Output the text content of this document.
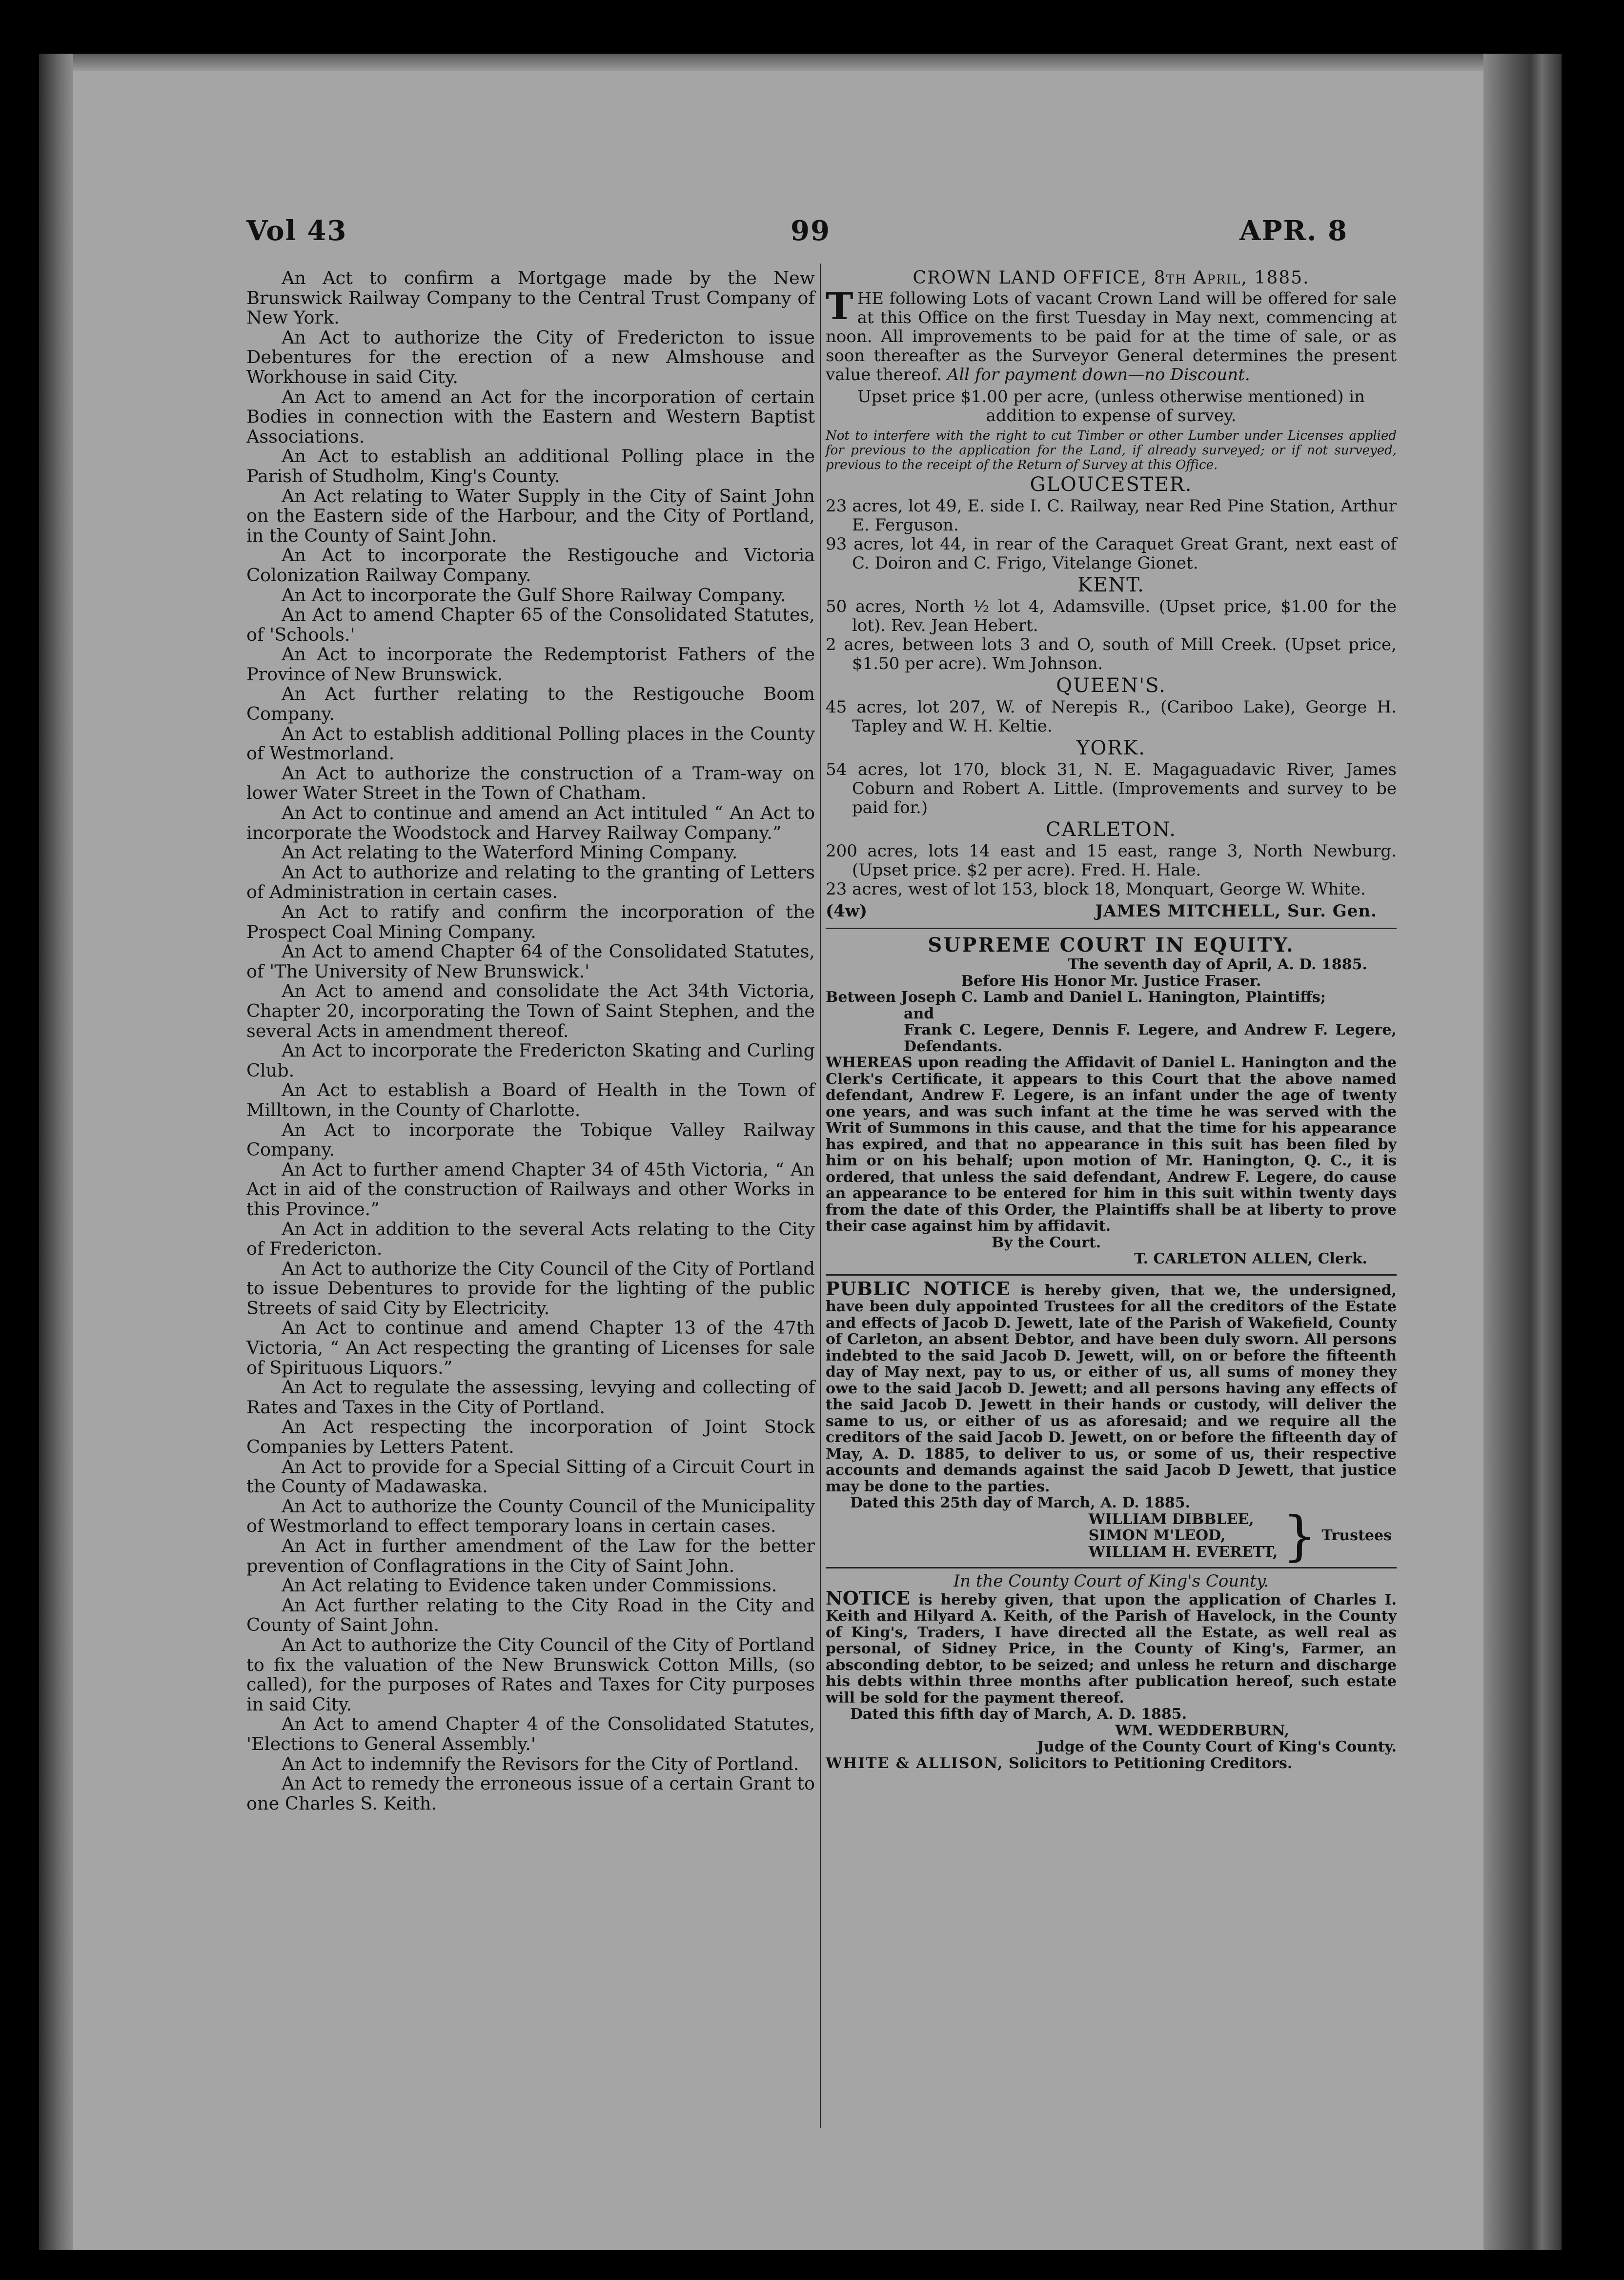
Vol 43	99	APR. 8

An Act to confirm a Mortgage made by the New Brunswick Railway Company to the Central Trust Company of New York.

An Act to authorize the City of Fredericton to issue Debentures for the erection of a new Almshouse and Workhouse in said City.

An Act to amend an Act for the incorporation of certain Bodies in connection with the Eastern and Western Baptist Associations.

An Act to establish an additional Polling place in the Parish of Studholm, King's County.

An Act relating to Water Supply in the City of Saint John on the Eastern side of the Harbour, and the City of Portland, in the County of Saint John.

An Act to incorporate the Restigouche and Victoria Colonization Railway Company.

An Act to incorporate the Gulf Shore Railway Company.

An Act to amend Chapter 65 of the Consolidated Statutes, of 'Schools.'

An Act to incorporate the Redemptorist Fathers of the Province of New Brunswick.

An Act further relating to the Restigouche Boom Company.

An Act to establish additional Polling places in the County of Westmorland.

An Act to authorize the construction of a Tram-way on lower Water Street in the Town of Chatham.

An Act to continue and amend an Act intituled “ An Act to incorporate the Woodstock and Harvey Railway Company.”

An Act relating to the Waterford Mining Company.

An Act to authorize and relating to the granting of Letters of Administration in certain cases.

An Act to ratify and confirm the incorporation of the Prospect Coal Mining Company.

An Act to amend Chapter 64 of the Consolidated Statutes, of 'The University of New Brunswick.'

An Act to amend and consolidate the Act 34th Victoria, Chapter 20, incorporating the Town of Saint Stephen, and the several Acts in amendment thereof.

An Act to incorporate the Fredericton Skating and Curling Club.

An Act to establish a Board of Health in the Town of Milltown, in the County of Charlotte.

An Act to incorporate the Tobique Valley Railway Company.

An Act to further amend Chapter 34 of 45th Victoria, “ An Act in aid of the construction of Railways and other Works in this Province.”

An Act in addition to the several Acts relating to the City of Fredericton.

An Act to authorize the City Council of the City of Portland to issue Debentures to provide for the lighting of the public Streets of said City by Electricity.

An Act to continue and amend Chapter 13 of the 47th Victoria, “ An Act respecting the granting of Licenses for sale of Spirituous Liquors.”

An Act to regulate the assessing, levying and collecting of Rates and Taxes in the City of Portland.

An Act respecting the incorporation of Joint Stock Companies by Letters Patent.

An Act to provide for a Special Sitting of a Circuit Court in the County of Madawaska.

An Act to authorize the County Council of the Municipality of Westmorland to effect temporary loans in certain cases.

An Act in further amendment of the Law for the better prevention of Conflagrations in the City of Saint John.

An Act relating to Evidence taken under Commissions.

An Act further relating to the City Road in the City and County of Saint John.

An Act to authorize the City Council of the City of Portland to fix the valuation of the New Brunswick Cotton Mills, (so called), for the purposes of Rates and Taxes for City purposes in said City.

An Act to amend Chapter 4 of the Consolidated Statutes, 'Elections to General Assembly.'

An Act to indemnify the Revisors for the City of Portland.

An Act to remedy the erroneous issue of a certain Grant to one Charles S. Keith.

CROWN LAND OFFICE, 8th April, 1885.
THE following Lots of vacant Crown Land will be offered for sale at this Office on the first Tuesday in May next, commencing at noon. All improvements to be paid for at the time of sale, or as soon thereafter as the Surveyor General determines the present value thereof. All for payment down—no Discount.
Upset price $1.00 per acre, (unless otherwise mentioned) in addition to expense of survey.
Not to interfere with the right to cut Timber or other Lumber under Licenses applied for previous to the application for the Land, if already surveyed; or if not surveyed, previous to the receipt of the Return of Survey at this Office.
GLOUCESTER.

23 acres, lot 49, E. side I. C. Railway, near Red Pine Station, Arthur E. Ferguson.

93 acres, lot 44, in rear of the Caraquet Great Grant, next east of C. Doiron and C. Frigo, Vitelange Gionet.

KENT.

50 acres, North ½ lot 4, Adamsville. (Upset price, $1.00 for the lot). Rev. Jean Hebert.

2 acres, between lots 3 and O, south of Mill Creek. (Upset price, $1.50 per acre). Wm Johnson.

QUEEN'S.

45 acres, lot 207, W. of Nerepis R., (Cariboo Lake), George H. Tapley and W. H. Keltie.

YORK.

54 acres, lot 170, block 31, N. E. Magaguadavic River, James Coburn and Robert A. Little. (Improvements and survey to be paid for.)

CARLETON.

200 acres, lots 14 east and 15 east, range 3, North Newburg. (Upset price. $2 per acre). Fred. H. Hale.

23 acres, west of lot 153, block 18, Monquart, George W. White.

(4w)	JAMES MITCHELL, Sur. Gen.
SUPREME COURT IN EQUITY.
The seventh day of April, A. D. 1885.
Before His Honor Mr. Justice Fraser.
Between Joseph C. Lamb and Daniel L. Hanington, Plaintiffs;
and
Frank C. Legere, Dennis F. Legere, and Andrew F. Legere, Defendants.
WHEREAS upon reading the Affidavit of Daniel L. Hanington and the Clerk's Certificate, it appears to this Court that the above named defendant, Andrew F. Legere, is an infant under the age of twenty one years, and was such infant at the time he was served with the Writ of Summons in this cause, and that the time for his appearance has expired, and that no appearance in this suit has been filed by him or on his behalf; upon motion of Mr. Hanington, Q. C., it is ordered, that unless the said defendant, Andrew F. Legere, do cause an appearance to be entered for him in this suit within twenty days from the date of this Order, the Plaintiffs shall be at liberty to prove their case against him by affidavit.
By the Court.
T. CARLETON ALLEN, Clerk.
PUBLIC NOTICE is hereby given, that we, the undersigned, have been duly appointed Trustees for all the creditors of the Estate and effects of Jacob D. Jewett, late of the Parish of Wakefield, County of Carleton, an absent Debtor, and have been duly sworn. All persons indebted to the said Jacob D. Jewett, will, on or before the fifteenth day of May next, pay to us, or either of us, all sums of money they owe to the said Jacob D. Jewett; and all persons having any effects of the said Jacob D. Jewett in their hands or custody, will deliver the same to us, or either of us as aforesaid; and we require all the creditors of the said Jacob D. Jewett, on or before the fifteenth day of May, A. D. 1885, to deliver to us, or some of us, their respective accounts and demands against the said Jacob D Jewett, that justice may be done to the parties.
Dated this 25th day of March, A. D. 1885.
WILLIAM DIBBLEE,
SIMON M'LEOD,
WILLIAM H. EVERETT, } Trustees
In the County Court of King's County.
NOTICE is hereby given, that upon the application of Charles I. Keith and Hilyard A. Keith, of the Parish of Havelock, in the County of King's, Traders, I have directed all the Estate, as well real as personal, of Sidney Price, in the County of King's, Farmer, an absconding debtor, to be seized; and unless he return and discharge his debts within three months after publication hereof, such estate will be sold for the payment thereof.
Dated this fifth day of March, A. D. 1885.
WM. WEDDERBURN,
Judge of the County Court of King's County.
WHITE & ALLISON, Solicitors to Petitioning Creditors.
